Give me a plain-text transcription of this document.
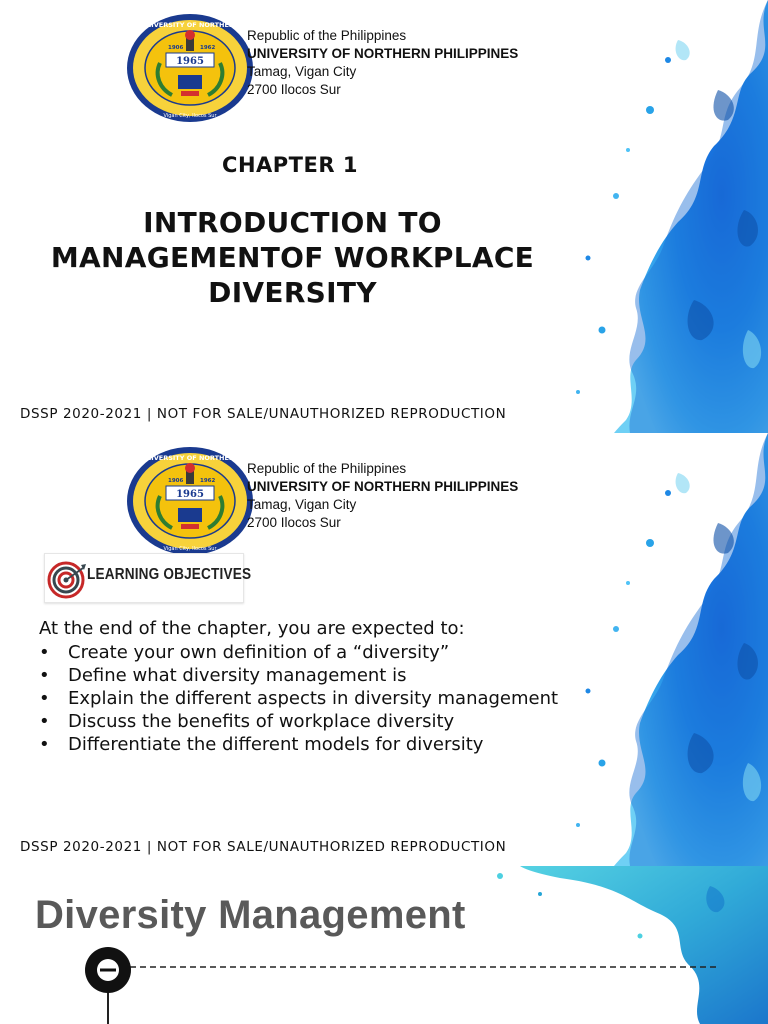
UNIVERSITY OF NORTHERN
Vigan City, Ilocos Sur
1965
1906	1962
Republic of the Philippines
UNIVERSITY OF NORTHERN PHILIPPINES
Tamag, Vigan City
2700 Ilocos Sur
CHAPTER 1
INTRODUCTION TO
MANAGEMENTOF WORKPLACE
DIVERSITY
DSSP 2020-2021 | NOT FOR SALE/UNAUTHORIZED REPRODUCTION
UNIVERSITY OF NORTHERN
Vigan City, Ilocos Sur
1965
1906	1962
Republic of the Philippines
UNIVERSITY OF NORTHERN PHILIPPINES
Tamag, Vigan City
2700 Ilocos Sur
LEARNING OBJECTIVES
At the end of the chapter, you are expected to:
• Create your own definition of a “diversity”
• Define what diversity management is
• Explain the different aspects in diversity management
• Discuss the benefits of workplace diversity
• Differentiate the different models for diversity
DSSP 2020-2021 | NOT FOR SALE/UNAUTHORIZED REPRODUCTION
Diversity Management
